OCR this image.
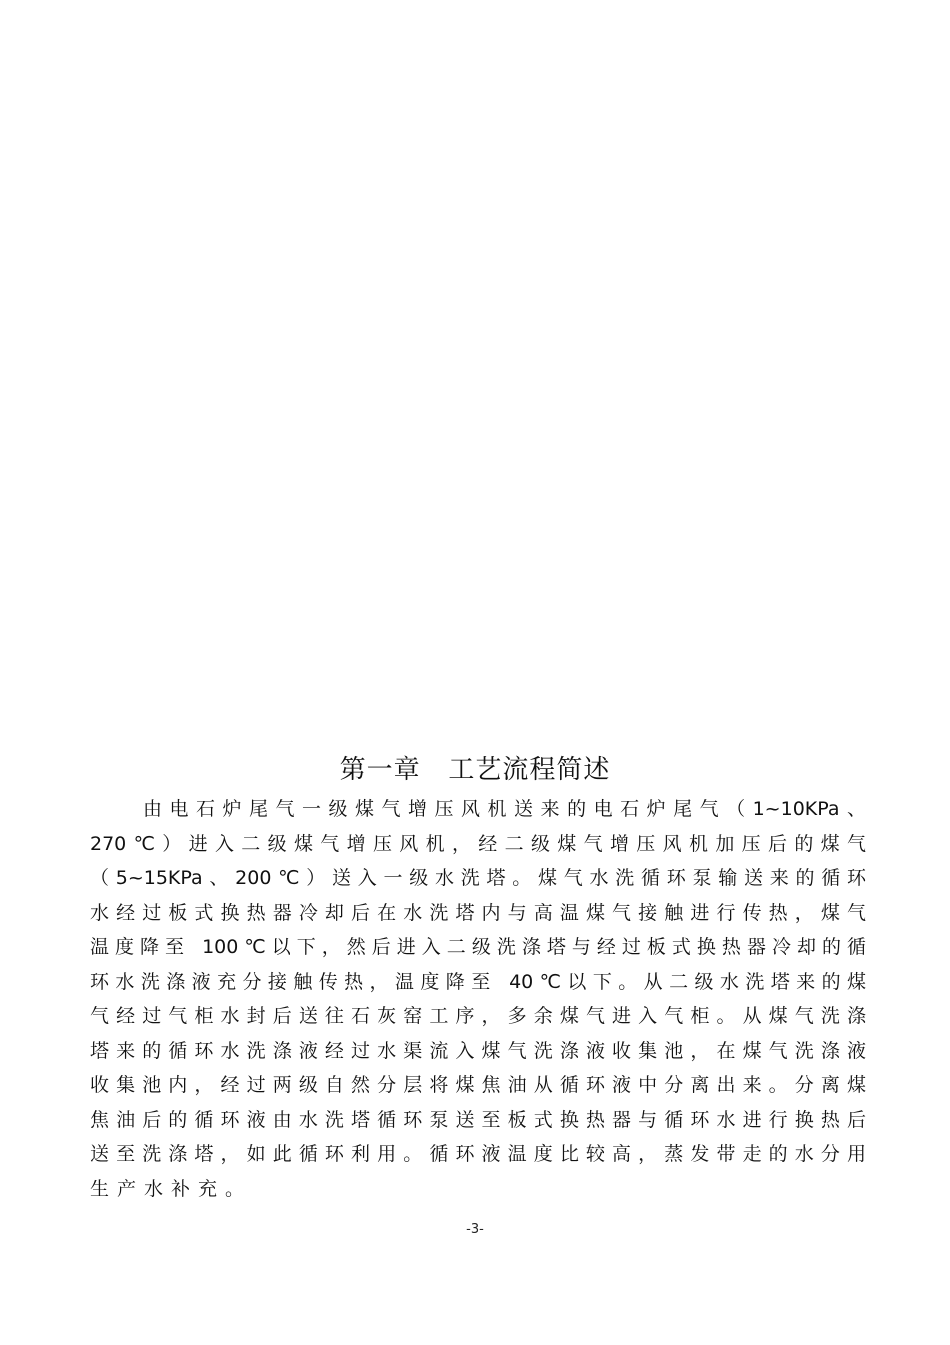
第一章   工艺流程简述
由电石炉尾气一级煤气增压风机送来的电石炉尾气（1~10KPa、
270℃）进入二级煤气增压风机，经二级煤气增压风机加压后的煤气
（5~15KPa、200℃）送入一级水洗塔。煤气水洗循环泵输送来的循环
水经过板式换热器冷却后在水洗塔内与高温煤气接触进行传热，煤气
温度降至 100℃以下，然后进入二级洗涤塔与经过板式换热器冷却的循
环水洗涤液充分接触传热，温度降至 40℃以下。从二级水洗塔来的煤
气经过气柜水封后送往石灰窑工序，多余煤气进入气柜。从煤气洗涤
塔来的循环水洗涤液经过水渠流入煤气洗涤液收集池，在煤气洗涤液
收集池内，经过两级自然分层将煤焦油从循环液中分离出来。分离煤
焦油后的循环液由水洗塔循环泵送至板式换热器与循环水进行换热后
送至洗涤塔，如此循环利用。循环液温度比较高，蒸发带走的水分用
生产水补充。
-3-
